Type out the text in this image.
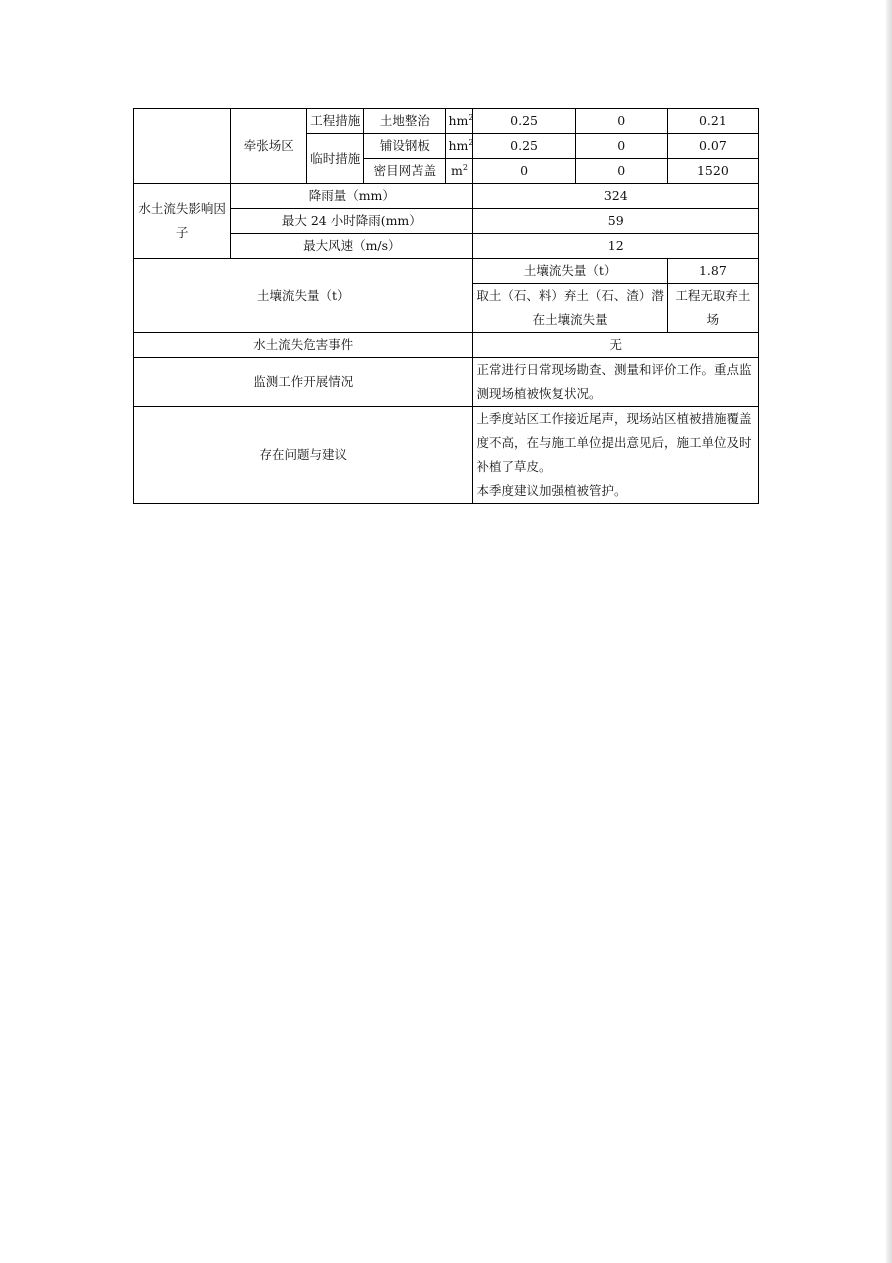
	牵张场区	工程措施	土地整治	$hm^2$	0.25	0	0.21
		临时措施	铺设钢板	$hm^2$	0.25	0	0.07
			密目网苫盖	$m^2$	0	0	1520
水土流失影响因子	降雨量（mm）				324		
	最大 24 小时降雨(mm）				59		
	最大风速（m/s）				12		
土壤流失量（t）					土壤流失量（t）		1.87
					取土（石、料）弃土（石、渣）潜在土壤流失量		工程无取弃土场
水土流失危害事件					无		
监测工作开展情况					正常进行日常现场勘查、测量和评价工作。重点监测现场植被恢复状况。		
存在问题与建议					上季度站区工作接近尾声，现场站区植被措施覆盖度不高，在与施工单位提出意见后，施工单位及时补植了草皮。
本季度建议加强植被管护。		
